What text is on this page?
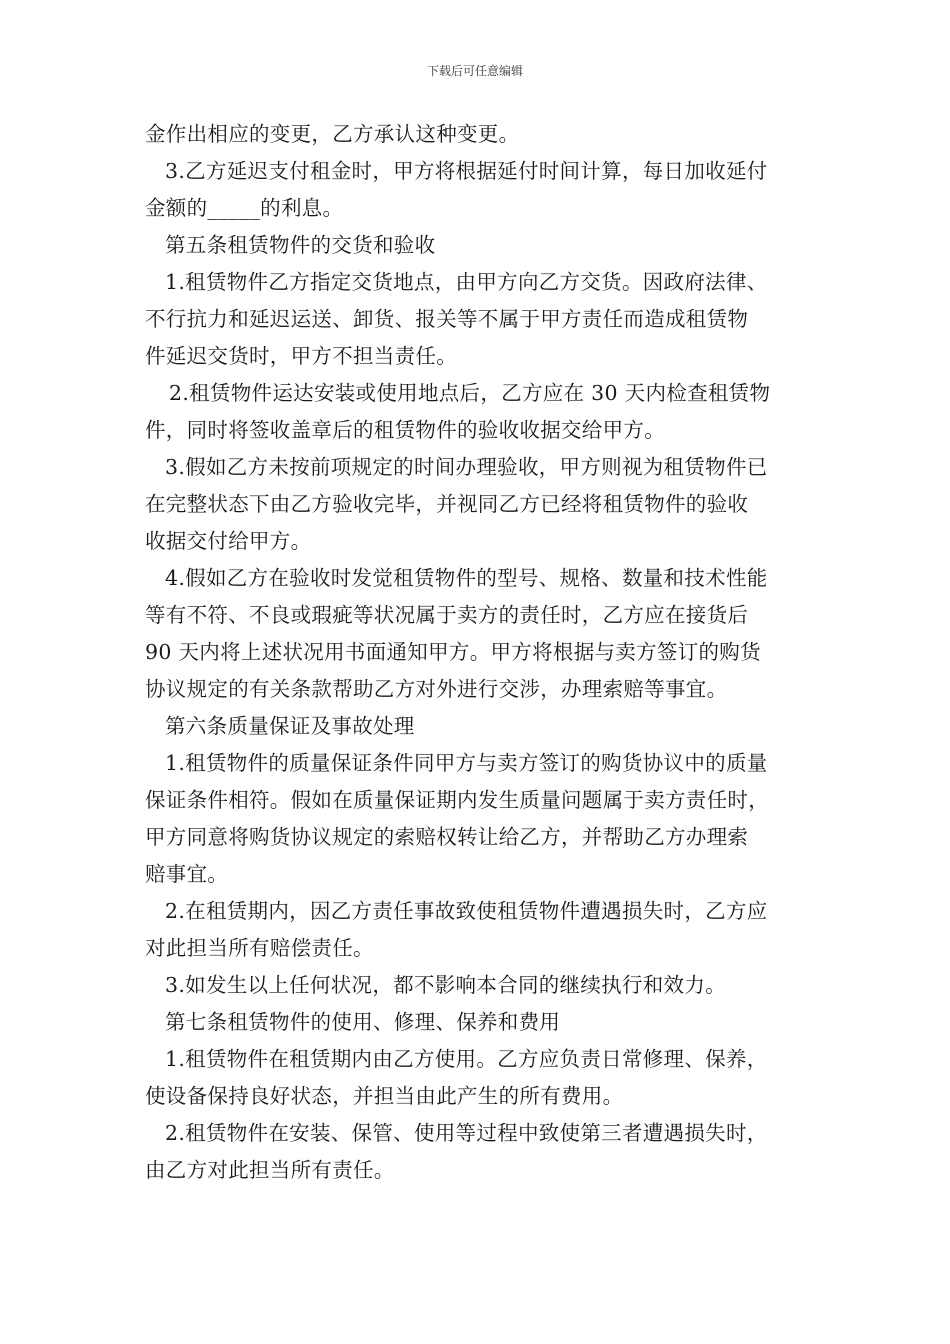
下载后可任意编辑
金作出相应的变更，乙方承认这种变更。
3.乙方延迟支付租金时，甲方将根据延付时间计算，每日加收延付
金额的_____的利息。
第五条租赁物件的交货和验收
1.租赁物件乙方指定交货地点，由甲方向乙方交货。因政府法律、
不行抗力和延迟运送、卸货、报关等不属于甲方责任而造成租赁物
件延迟交货时，甲方不担当责任。
2.租赁物件运达安装或使用地点后，乙方应在 30 天内检查租赁物
件，同时将签收盖章后的租赁物件的验收收据交给甲方。
3.假如乙方未按前项规定的时间办理验收，甲方则视为租赁物件已
在完整状态下由乙方验收完毕，并视同乙方已经将租赁物件的验收
收据交付给甲方。
4.假如乙方在验收时发觉租赁物件的型号、规格、数量和技术性能
等有不符、不良或瑕疵等状况属于卖方的责任时，乙方应在接货后
90 天内将上述状况用书面通知甲方。甲方将根据与卖方签订的购货
协议规定的有关条款帮助乙方对外进行交涉，办理索赔等事宜。
第六条质量保证及事故处理
1.租赁物件的质量保证条件同甲方与卖方签订的购货协议中的质量
保证条件相符。假如在质量保证期内发生质量问题属于卖方责任时，
甲方同意将购货协议规定的索赔权转让给乙方，并帮助乙方办理索
赔事宜。
2.在租赁期内，因乙方责任事故致使租赁物件遭遇损失时，乙方应
对此担当所有赔偿责任。
3.如发生以上任何状况，都不影响本合同的继续执行和效力。
第七条租赁物件的使用、修理、保养和费用
1.租赁物件在租赁期内由乙方使用。乙方应负责日常修理、保养，
使设备保持良好状态，并担当由此产生的所有费用。
2.租赁物件在安装、保管、使用等过程中致使第三者遭遇损失时，
由乙方对此担当所有责任。
